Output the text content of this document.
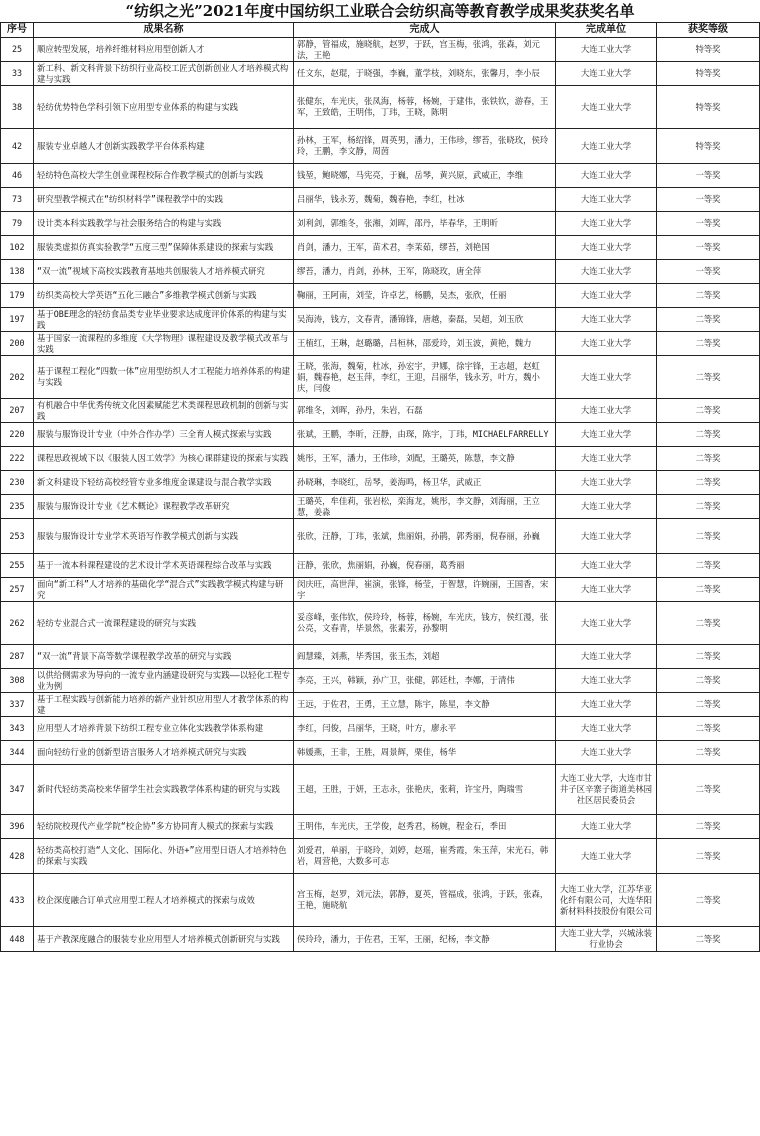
“纺织之光”2021年度中国纺织工业联合会纺织高等教育教学成果奖获奖名单
序号	成果名称	完成人	完成单位	获奖等级
25	顺应转型发展，培养纤维材料应用型创新人才	郭静，管福成，施晓航，赵罗，于跃，宫玉梅，张鸿，张森，刘元法，王艳	大连工业大学	特等奖
33	新工科、新文科背景下纺织行业高校工匠式创新创业人才培养模式构建与实践	任文东，赵琨，于晓强，李巍，董学枝，刘晓东，张馨月，李小辰	大连工业大学	特等奖
38	轻纺优势特色学科引领下应用型专业体系的构建与实践	张健东，车光庆，张凤海，杨蓉，杨婉，于建伟，张铁钦，游春，王军，王致皓，王明伟，丁玮，王晓，陈明	大连工业大学	特等奖
42	服装专业卓越人才创新实践教学平台体系构建	孙林，王军，杨绍锋，周英男，潘力，王伟珍，缪苔，张晓玫，侯玲玲，王鹏，李文静，周茵	大连工业大学	特等奖
46	轻纺特色高校大学生创业课程校际合作教学模式的创新与实践	钱堃，鲍晓娜，马宪亮，于巍，岳琴，黄兴原，武威正，李维	大连工业大学	一等奖
73	研究型教学模式在“纺织材料学”课程教学中的实践	吕丽华，钱永芳，魏菊，魏春艳，李红，杜冰	大连工业大学	一等奖
79	设计类本科实践教学与社会服务结合的构建与实践	刘利剑，郭维冬，张湘，刘晖，邵丹，毕春华，王明昕	大连工业大学	一等奖
102	服装类虚拟仿真实验教学“五度三型”保障体系建设的探索与实践	肖剑，潘力，王军，苗术君，李茉茹，缪苔，刘艳国	大连工业大学	一等奖
138	“双一流”视域下高校实践教育基地共创服装人才培养模式研究	缪苔，潘力，肖剑，孙林，王军，陈晓玫，唐全萍	大连工业大学	一等奖
179	纺织类高校大学英语“五化三融合”多维教学模式创新与实践	鞠丽，王阿南，刘莹，许卓艺，杨鹏，吴杰，张欣，任丽	大连工业大学	二等奖
197	基于OBE理念的轻纺食品类专业毕业要求达成度评价体系的构建与实践	吴海涛，钱方，文春青，潘锦锋，唐越，秦磊，吴超，刘玉欣	大连工业大学	二等奖
200	基于国家一流课程的多维度《大学物理》课程建设及教学模式改革与实践	王植红，王琳，赵璐璐，吕桓林，邵爱玲，刘玉波，黄艳，魏力	大连工业大学	二等奖
202	基于课程工程化“四数一体”应用型纺织人才工程能力培养体系的构建与实践	王晓，张海，魏菊，杜冰，孙宏宇，尹娜，徐宇锋，王志超，赵虹娟，魏春艳，赵玉萍，李红，王迎，吕丽华，钱永芳，叶方，魏小庆，闫俊	大连工业大学	二等奖
207	有机融合中华优秀传统文化因素赋能艺术类课程思政机制的创新与实践	郭维冬，刘晖，孙丹，朱岩，石磊	大连工业大学	二等奖
220	服装与服饰设计专业（中外合作办学）三全育人模式探索与实践	张斌，王鹏，李昕，汪静，由琛，陈宇，丁玮，MICHAELFARRELLY	大连工业大学	二等奖
222	课程思政视域下以《服装人因工效学》为核心课群建设的探索与实践	姚彤，王军，潘力，王伟珍，刘配，王璐英，陈慧，李文静	大连工业大学	二等奖
230	新文科建设下轻纺高校经管专业多维度金课建设与混合教学实践	孙晓琳，李晓红，岳琴，姜海鸣，杨卫华，武威正	大连工业大学	二等奖
235	服装与服饰设计专业《艺术概论》课程教学改革研究	王璐英，牟佳莉，张岩松，栾海龙，姚彤，李文静，刘海丽，王立慧，姜淼	大连工业大学	二等奖
253	服装与服饰设计专业学术英语写作教学模式创新与实践	张欣，汪静，丁玮，张斌，焦丽娟，孙鹃，郭秀丽，倪春丽，孙巍	大连工业大学	二等奖
255	基于一流本科课程建设的艺术设计学术英语课程综合改革与实践	汪静，张欣，焦丽娟，孙巍，倪春丽，葛秀丽	大连工业大学	二等奖
257	面向“新工科”人才培养的基础化学“混合式”实践教学模式构建与研究	闵庆旺，高世萍，崔演，张锋，杨莹，于智慧，许婉丽，王国香，宋宇	大连工业大学	二等奖
262	轻纺专业混合式一流课程建设的研究与实践	妥彦峰，张伟钦，侯玲玲，杨蓉，杨婉，车光庆，钱方，侯红漫，张公亮，文春青，毕景然，张素芳，孙黎明	大连工业大学	二等奖
287	“双一流”背景下高等数学课程教学改革的研究与实践	阎慧臻，刘燕，毕秀国，张玉杰，刘超	大连工业大学	二等奖
308	以供给侧需求为导向的一流专业内涵建设研究与实践——以轻化工程专业为例	李亮，王兴，韩颖，孙广卫，张健，郭廷杜，李娜，于清伟	大连工业大学	二等奖
337	基于工程实践与创新能力培养的新产业针织应用型人才教学体系的构建	王远，于佐君，王勇，王立慧，陈宇，陈星，李文静	大连工业大学	二等奖
343	应用型人才培养背景下纺织工程专业立体化实践教学体系构建	李红，闫俊，吕丽华，王晓，叶方，廖永平	大连工业大学	二等奖
344	面向轻纺行业的创新型语言服务人才培养模式研究与实践	韩媛燕，王非，王胜，周景辉，栗佳，杨华	大连工业大学	二等奖
347	新时代轻纺类高校来华留学生社会实践教学体系构建的研究与实践	王超，王胜，于妍，王志永，张艳庆，张莉，许宝丹，陶瑞雪	大连工业大学，大连市甘井子区辛寨子街道美林园社区居民委员会	二等奖
396	轻纺院校现代产业学院“校企协”多方协同育人模式的探索与实践	王明伟，车光庆，王学俊，赵秀君，杨婉，程金石，季田	大连工业大学	二等奖
428	轻纺类高校打造“人文化、国际化、外语+”应用型日语人才培养特色的探索与实践	刘爱君，单丽，于晓玲，刘婷，赵瑶，崔秀霞，朱玉萍，宋光石，韩岩，周营艳，大数多可志	大连工业大学	二等奖
433	校企深度融合订单式应用型工程人才培养模式的探索与成效	宫玉梅，赵罗，刘元法，郭静，夏英，管福成，张鸿，于跃，张森，王艳，施晓航	大连工业大学，江苏华亚化纤有限公司，大连华阳新材料科技股份有限公司	二等奖
448	基于产教深度融合的服装专业应用型人才培养模式创新研究与实践	侯玲玲，潘力，于佐君，王军，王丽，纪杨，李文静	大连工业大学，兴城泳装行业协会	二等奖
